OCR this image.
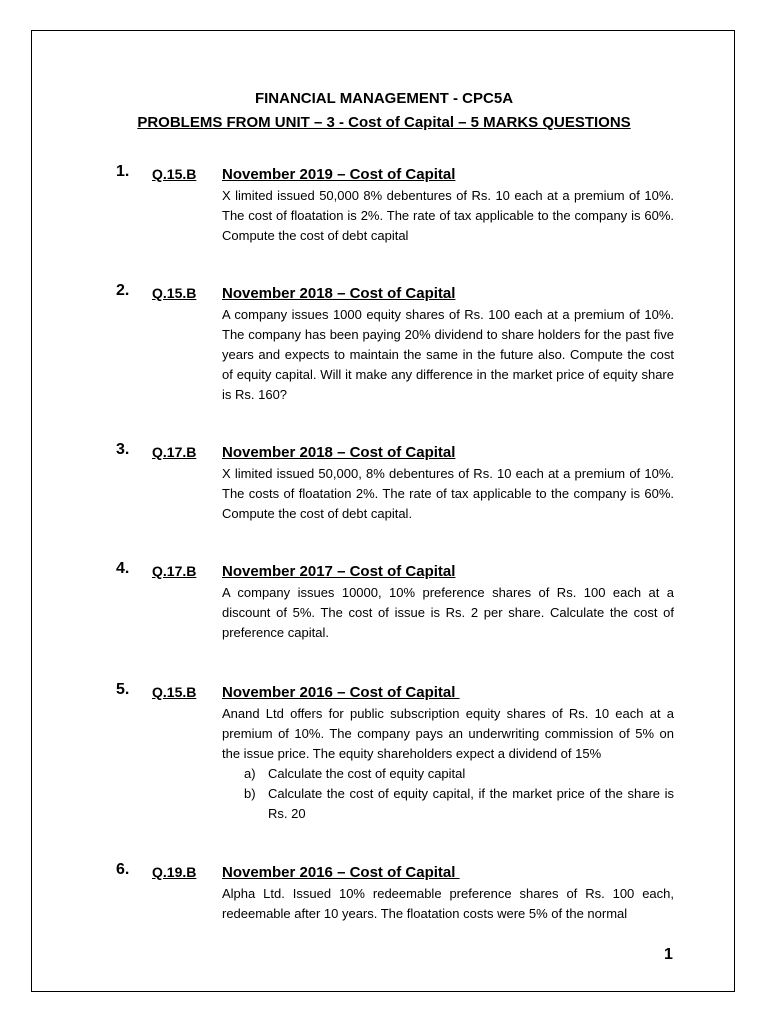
FINANCIAL MANAGEMENT - CPC5A
PROBLEMS FROM UNIT – 3 - Cost of Capital – 5 MARKS QUESTIONS
1. Q.15.B November 2019 – Cost of Capital
X limited issued 50,000 8% debentures of Rs. 10 each at a premium of 10%. The cost of floatation is 2%. The rate of tax applicable to the company is 60%. Compute the cost of debt capital
2. Q.15.B November 2018 – Cost of Capital
A company issues 1000 equity shares of Rs. 100 each at a premium of 10%. The company has been paying 20% dividend to share holders for the past five years and expects to maintain the same in the future also. Compute the cost of equity capital. Will it make any difference in the market price of equity share is Rs. 160?
3. Q.17.B November 2018 – Cost of Capital
X limited issued 50,000, 8% debentures of Rs. 10 each at a premium of 10%. The costs of floatation 2%. The rate of tax applicable to the company is 60%. Compute the cost of debt capital.
4. Q.17.B November 2017 – Cost of Capital
A company issues 10000, 10% preference shares of Rs. 100 each at a discount of 5%. The cost of issue is Rs. 2 per share. Calculate the cost of preference capital.
5. Q.15.B November 2016 – Cost of Capital
Anand Ltd offers for public subscription equity shares of Rs. 10 each at a premium of 10%. The company pays an underwriting commission of 5% on the issue price. The equity shareholders expect a dividend of 15%
a) Calculate the cost of equity capital
b) Calculate the cost of equity capital, if the market price of the share is      Rs. 20
6. Q.19.B November 2016 – Cost of Capital
Alpha Ltd. Issued 10% redeemable preference shares of Rs. 100 each, redeemable after 10 years. The floatation costs were 5% of the normal
1
